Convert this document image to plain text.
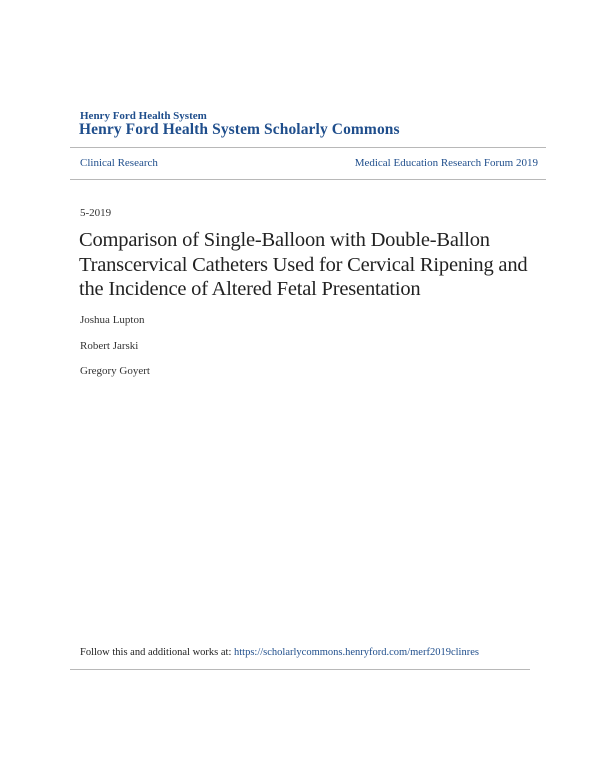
Henry Ford Health System
Henry Ford Health System Scholarly Commons
Clinical Research	Medical Education Research Forum 2019
5-2019
Comparison of Single-Balloon with Double-Ballon Transcervical Catheters Used for Cervical Ripening and the Incidence of Altered Fetal Presentation
Joshua Lupton
Robert Jarski
Gregory Goyert
Follow this and additional works at: https://scholarlycommons.henryford.com/merf2019clinres
